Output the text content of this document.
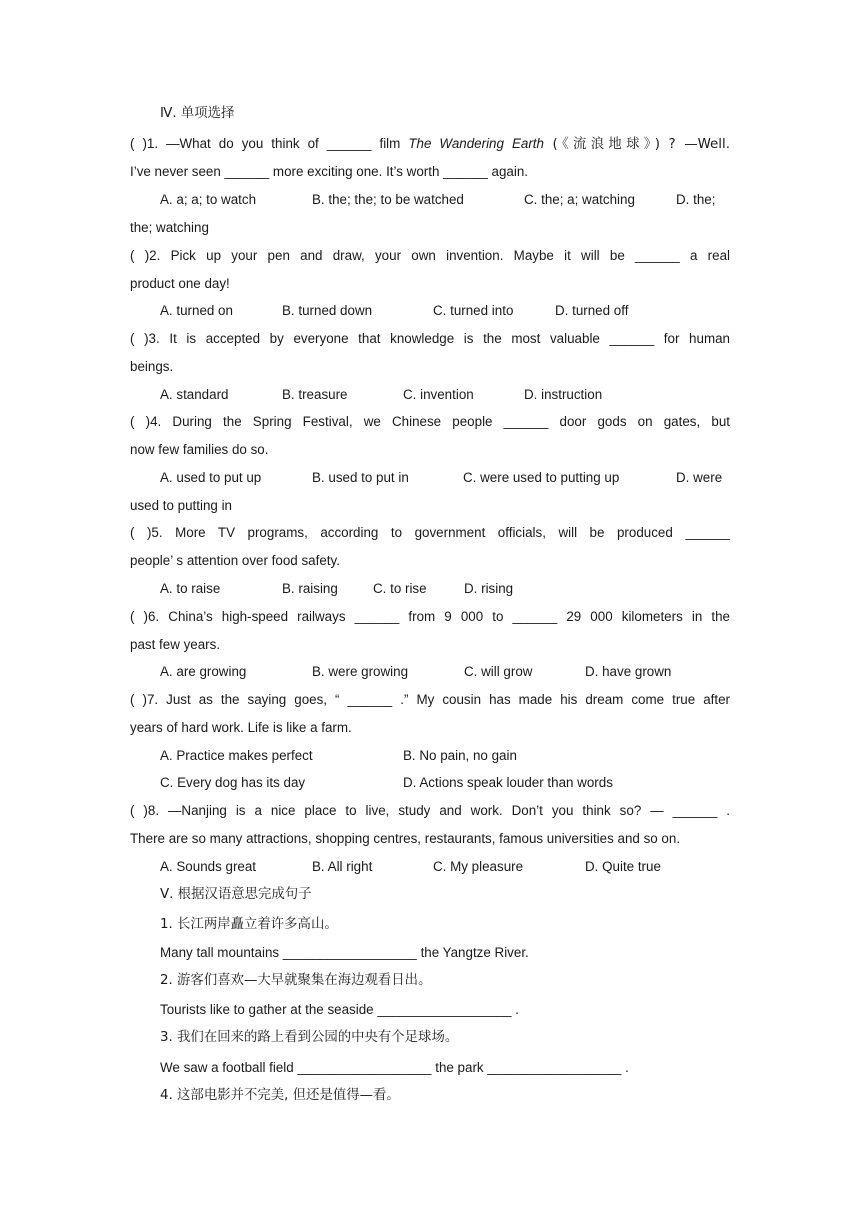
Ⅳ. 单项选择
( )1. —What do you think of ______ film The Wandering Earth (《流浪地球》) ? —Well.
I’ve never seen ______ more exciting one. It’s worth ______ again.
A. a; a; to watch	B. the; the; to be watched	C. the; a; watching	D. the;
the; watching
( )2. Pick up your pen and draw, your own invention. Maybe it will be ______ a real
product one day!
A. turned on	B. turned down	C. turned into	D. turned off
( )3. It is accepted by everyone that knowledge is the most valuable ______ for human
beings.
A. standard	B. treasure	C. invention	D. instruction
( )4. During the Spring Festival, we Chinese people ______ door gods on gates, but
now few families do so.
A. used to put up	B. used to put in	C. were used to putting up	D. were
used to putting in
( )5. More TV programs, according to government officials, will be produced ______
people’ s attention over food safety.
A. to raise	B. raising	C. to rise	D. rising
( )6. China’s high-speed railways ______ from 9 000 to ______ 29 000 kilometers in the
past few years.
A. are growing	B. were growing	C. will grow	D. have grown
( )7. Just as the saying goes, “ ______ .” My cousin has made his dream come true after
years of hard work. Life is like a farm.
A. Practice makes perfect	B. No pain, no gain
C. Every dog has its day	D. Actions speak louder than words
( )8. —Nanjing is a nice place to live, study and work. Don’t you think so? — ______ .
There are so many attractions, shopping centres, restaurants, famous universities and so on.
A. Sounds great	B. All right	C. My pleasure	D. Quite true
Ⅴ. 根据汉语意思完成句子
1. 长江两岸矗立着许多高山。
Many tall mountains __________________ the Yangtze River.
2. 游客们喜欢—大早就聚集在海边观看日出。
Tourists like to gather at the seaside __________________ .
3. 我们在回来的路上看到公园的中央有个足球场。
We saw a football field __________________ the park __________________ .
4. 这部电影并不完美, 但还是值得—看。
